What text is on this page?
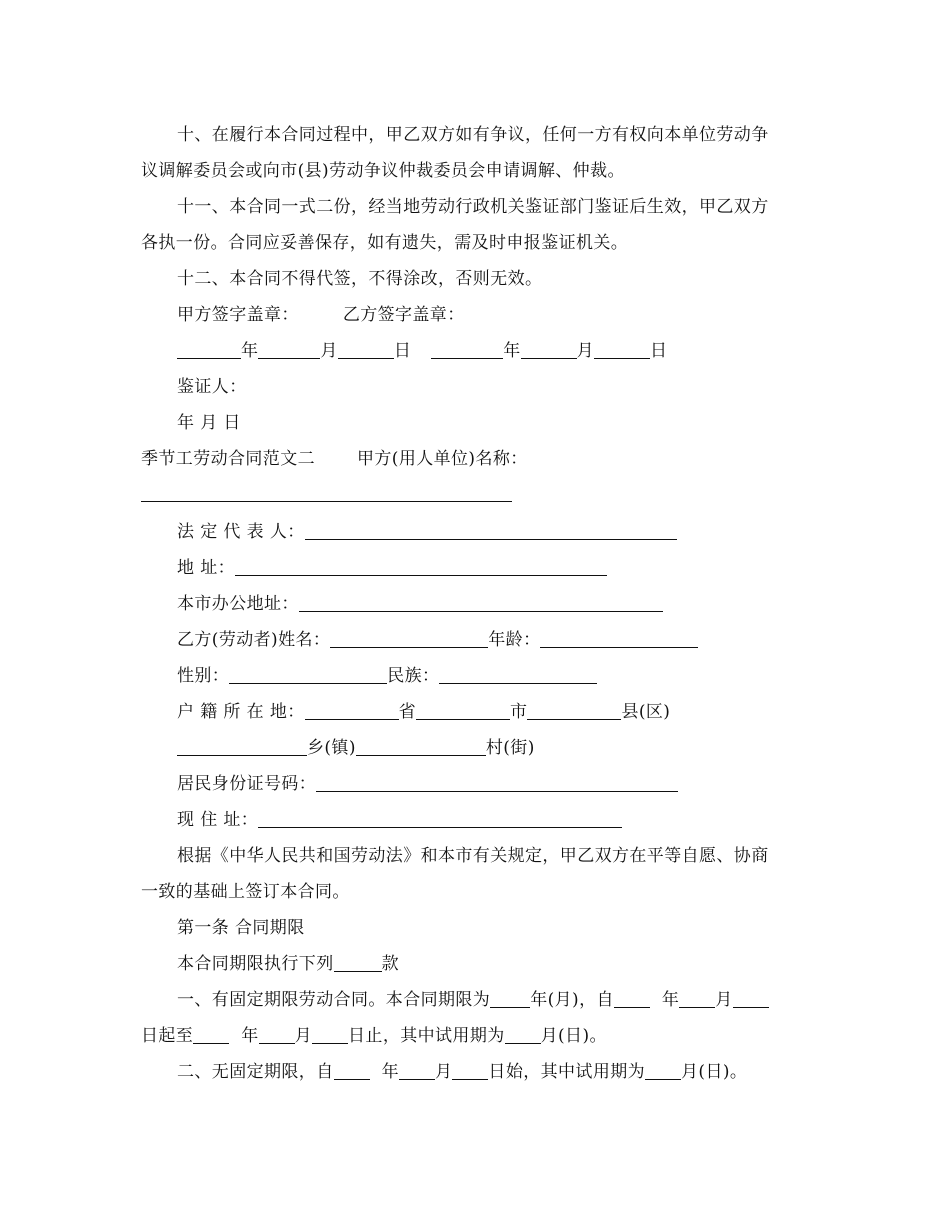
十、在履行本合同过程中，甲乙双方如有争议，任何一方有权向本单位劳动争

议调解委员会或向市(县)劳动争议仲裁委员会申请调解、仲裁。

十一、本合同一式二份，经当地劳动行政机关鉴证部门鉴证后生效，甲乙双方

各执一份。合同应妥善保存，如有遗失，需及时申报鉴证机关。

十二、本合同不得代签，不得涂改，否则无效。

甲方签字盖章：	乙方签字盖章：

年	月	日	年	月	日

鉴证人：

年 月 日

季节工劳动合同范文二 甲方(用人单位)名称：

法 定 代 表 人：

地 址：

本市办公地址：

乙方(劳动者)姓名：	年龄：

性别：	民族：

户 籍 所 在 地：	省	市	县(区)

乡(镇)	村(街)

居民身份证号码：

现 住 址：

根据《中华人民共和国劳动法》和本市有关规定，甲乙双方在平等自愿、协商

一致的基础上签订本合同。

第一条 合同期限

本合同期限执行下列	款

一、有固定期限劳动合同。本合同期限为 年(月)，自	年 月

日起至	年 月 日止，其中试用期为 月(日)。

二、无固定期限，自	年 月 日始，其中试用期为 月(日)。
